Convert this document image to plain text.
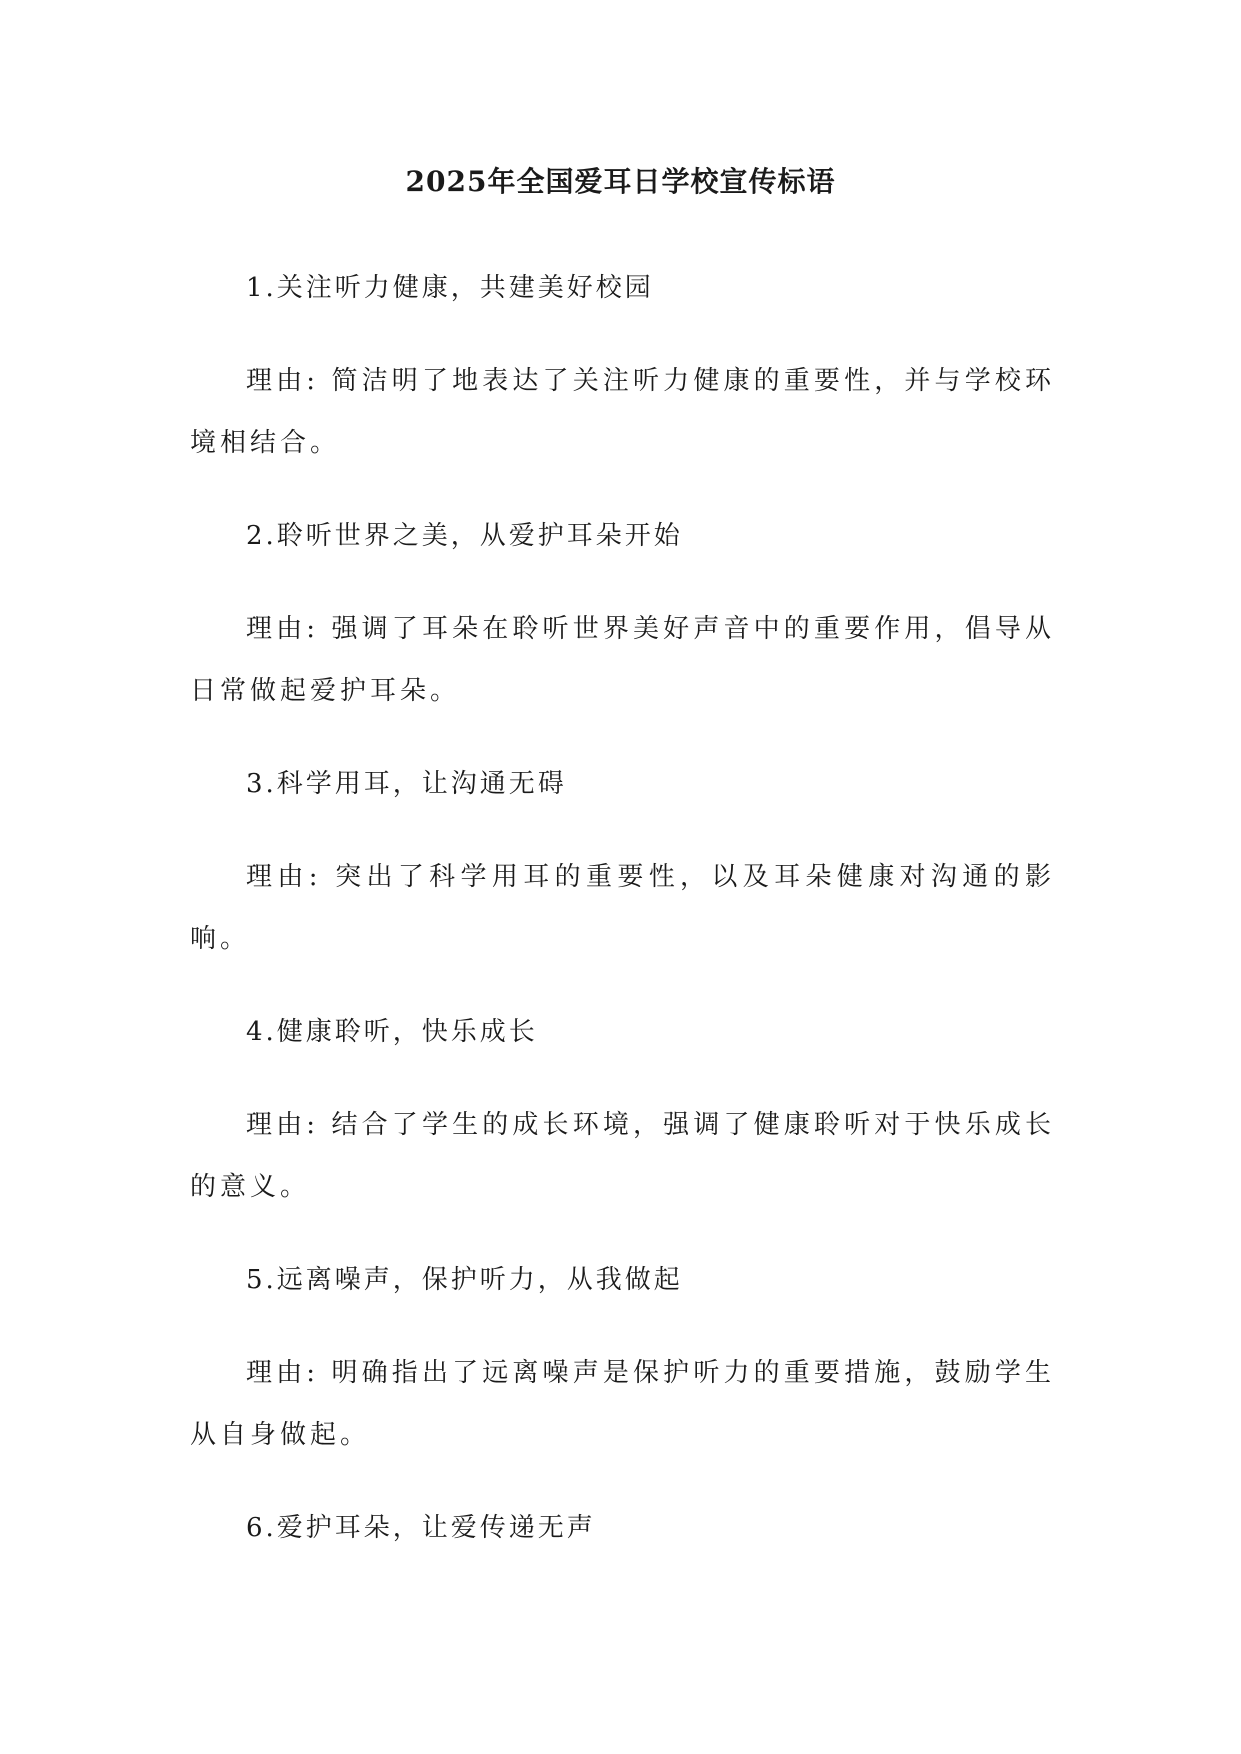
2025年全国爱耳日学校宣传标语

1.关注听力健康，共建美好校园

理由: 简洁明了地表达了关注听力健康的重要性，并与学校环境相结合。

2.聆听世界之美，从爱护耳朵开始

理由: 强调了耳朵在聆听世界美好声音中的重要作用，倡导从日常做起爱护耳朵。

3.科学用耳，让沟通无碍

理由: 突出了科学用耳的重要性，以及耳朵健康对沟通的影响。

4.健康聆听，快乐成长

理由: 结合了学生的成长环境，强调了健康聆听对于快乐成长的意义。

5.远离噪声，保护听力，从我做起

理由: 明确指出了远离噪声是保护听力的重要措施，鼓励学生从自身做起。

6.爱护耳朵，让爱传递无声
